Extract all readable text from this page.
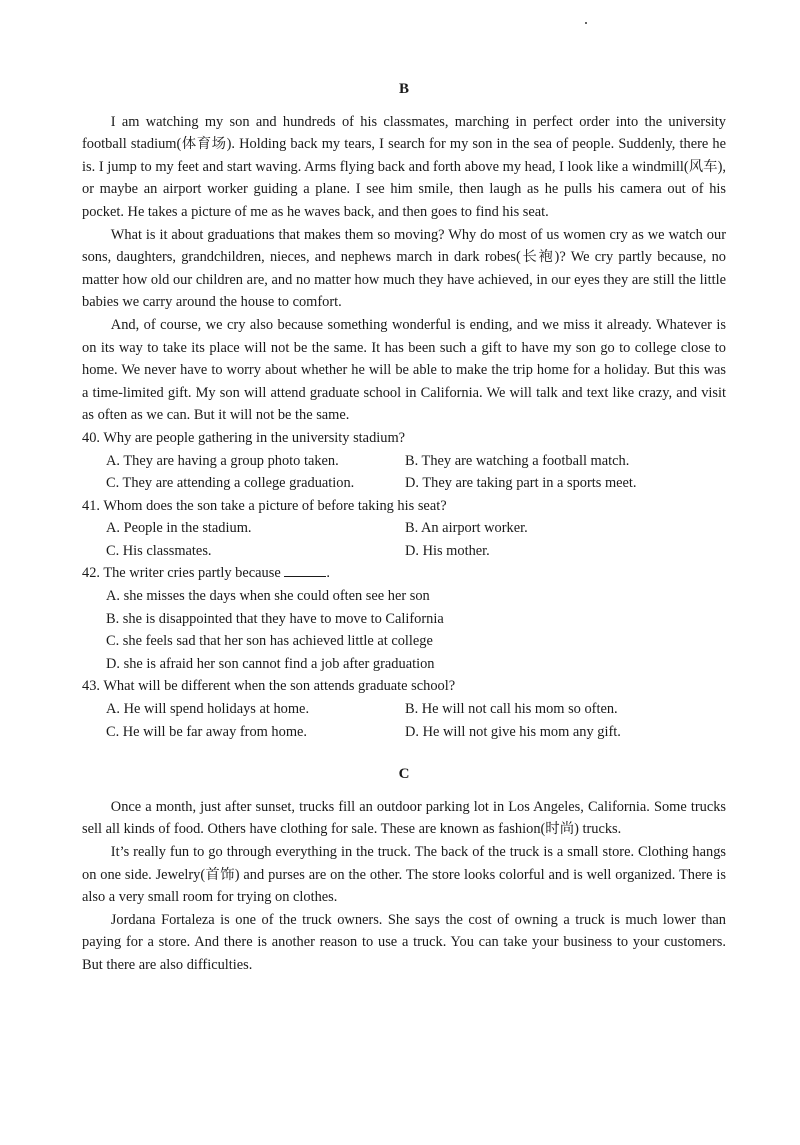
B

I am watching my son and hundreds of his classmates, marching in perfect order into the university football stadium(体育场). Holding back my tears, I search for my son in the sea of people. Suddenly, there he is. I jump to my feet and start waving. Arms flying back and forth above my head, I look like a windmill(风车), or maybe an airport worker guiding a plane. I see him smile, then laugh as he pulls his camera out of his pocket. He takes a picture of me as he waves back, and then goes to find his seat.

What is it about graduations that makes them so moving? Why do most of us women cry as we watch our sons, daughters, grandchildren, nieces, and nephews march in dark robes(长袍)? We cry partly because, no matter how old our children are, and no matter how much they have achieved, in our eyes they are still the little babies we carry around the house to comfort.

And, of course, we cry also because something wonderful is ending, and we miss it already. Whatever is on its way to take its place will not be the same. It has been such a gift to have my son go to college close to home. We never have to worry about whether he will be able to make the trip home for a holiday. But this was a time-limited gift. My son will attend graduate school in California. We will talk and text like crazy, and visit as often as we can. But it will not be the same.

40. Why are people gathering in the university stadium?

A. They are having a group photo taken.	B. They are watching a football match.
C. They are attending a college graduation.	D. They are taking part in a sports meet.

41. Whom does the son take a picture of before taking his seat?

A. People in the stadium.	B. An airport worker.
C. His classmates.	D. His mother.

42. The writer cries partly because	.

A. she misses the days when she could often see her son
B. she is disappointed that they have to move to California
C. she feels sad that her son has achieved little at college
D. she is afraid her son cannot find a job after graduation

43. What will be different when the son attends graduate school?

A. He will spend holidays at home.	B. He will not call his mom so often.
C. He will be far away from home.	D. He will not give his mom any gift.
C

Once a month, just after sunset, trucks fill an outdoor parking lot in Los Angeles, California. Some trucks sell all kinds of food. Others have clothing for sale. These are known as fashion(时尚) trucks.

It’s really fun to go through everything in the truck. The back of the truck is a small store. Clothing hangs on one side. Jewelry(首饰) and purses are on the other. The store looks colorful and is well organized. There is also a very small room for trying on clothes.

Jordana Fortaleza is one of the truck owners. She says the cost of owning a truck is much lower than paying for a store. And there is another reason to use a truck. You can take your business to your customers. But there are also difficulties.
